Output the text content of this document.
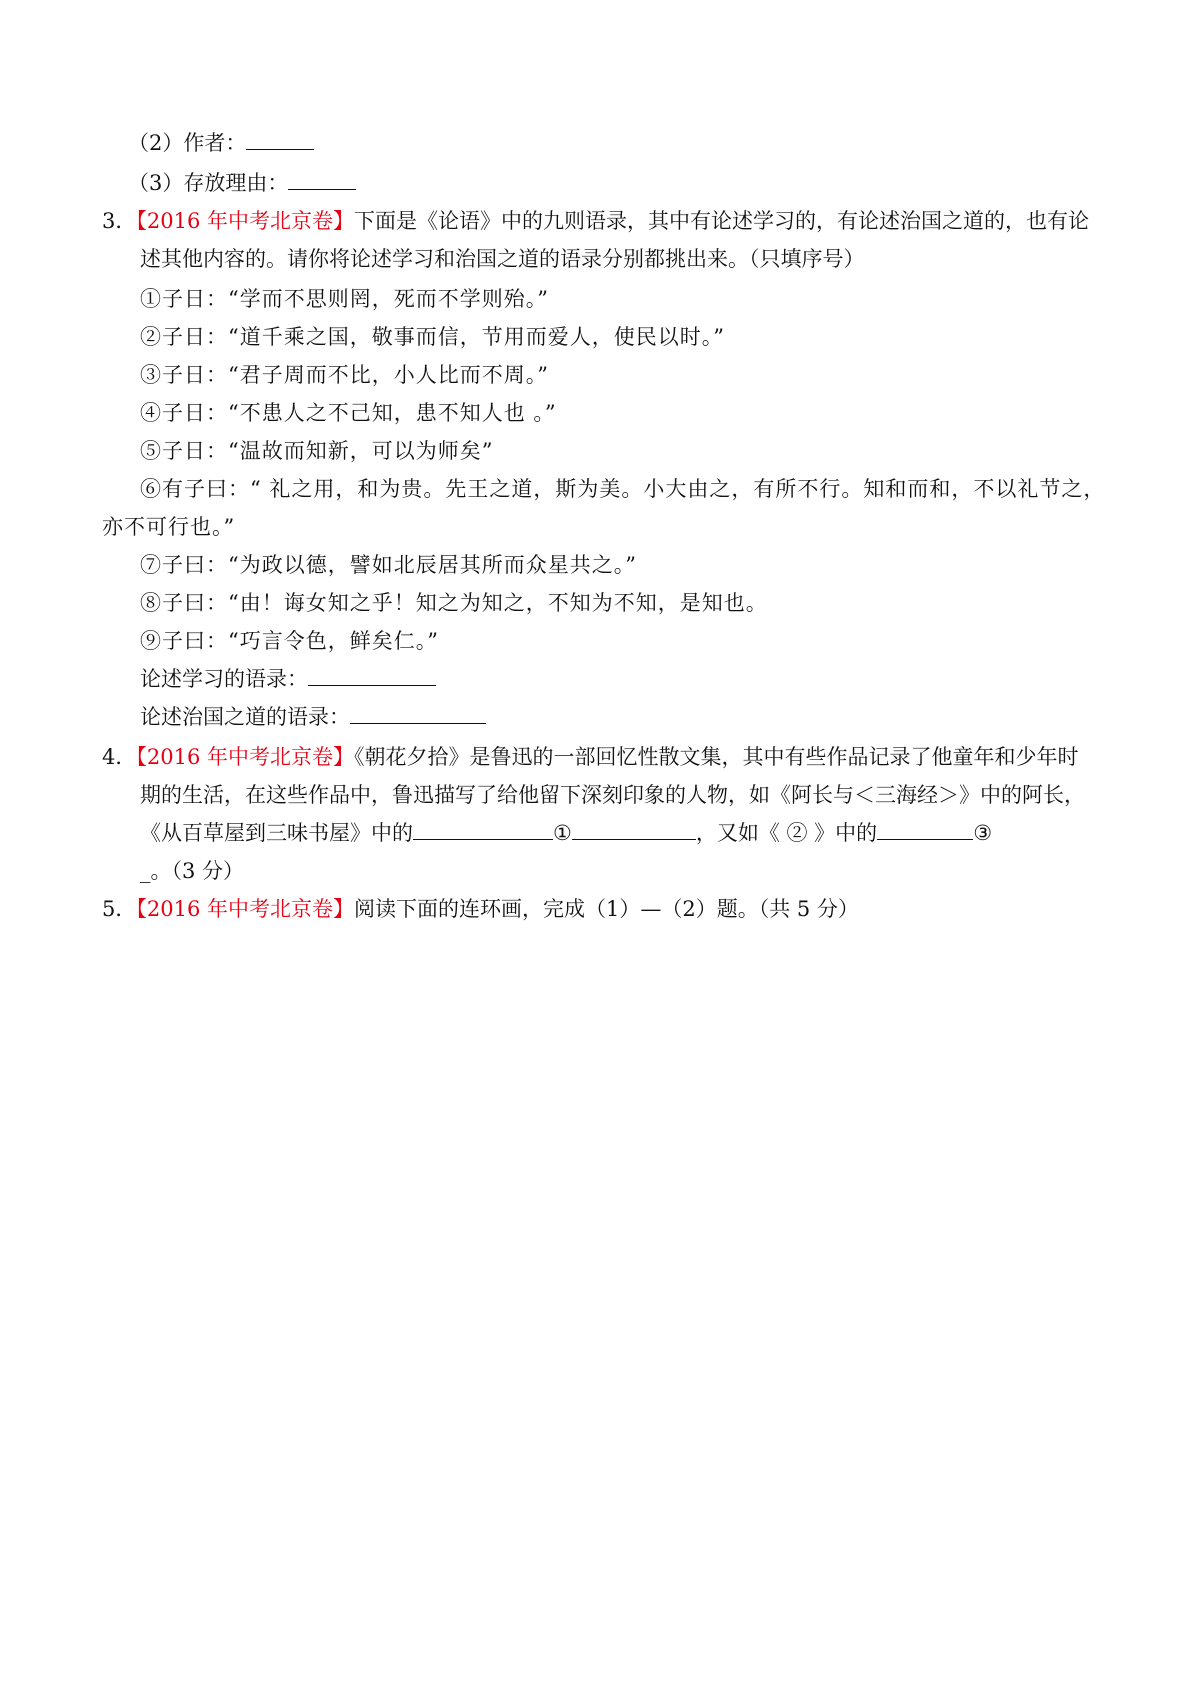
（2）作者：
（3）存放理由：
3．【2016 年中考北京卷】下面是《论语》中的九则语录，其中有论述学习的，有论述治国之道的，也有论
述其他内容的。请你将论述学习和治国之道的语录分别都挑出来。（只填序号）
①子日：“学而不思则罔，死而不学则殆。”
②子日：“道千乘之国，敬事而信，节用而爱人，使民以时。”
③子日：“君子周而不比，小人比而不周。”
④子日：“不患人之不己知，患不知人也 。”
⑤子日：“温故而知新，可以为师矣”
⑥有子曰：“ 礼之用，和为贵。先王之道，斯为美。小大由之，有所不行。知和而和，不以礼节之，
亦不可行也。”
⑦子曰：“为政以德，譬如北辰居其所而众星共之。”
⑧子曰：“由！诲女知之乎！知之为知之，不知为不知，是知也。
⑨子曰：“巧言令色，鲜矣仁。”
论述学习的语录：
论述治国之道的语录：
4．【2016 年中考北京卷】《朝花夕拾》是鲁迅的一部回忆性散文集，其中有些作品记录了他童年和少年时
期的生活，在这些作品中，鲁迅描写了给他留下深刻印象的人物，如《阿长与＜三海经＞》中的阿长，
《从百草屋到三味书屋》中的	①	，又如《 ② 》中的	③
_。（3 分）
5．【2016 年中考北京卷】阅读下面的连环画，完成（1）—（2）题。（共 5 分）
